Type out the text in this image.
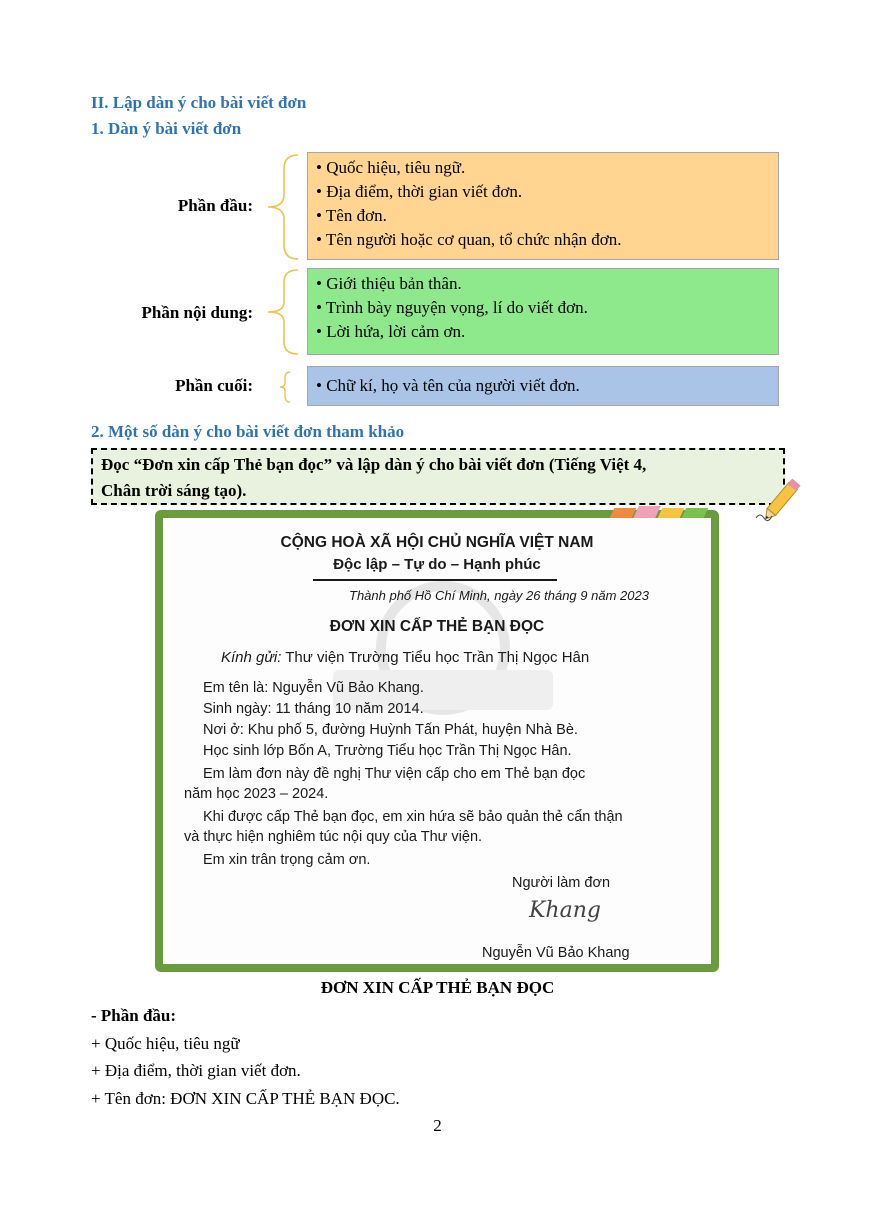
II. Lập dàn ý cho bài viết đơn
1. Dàn ý bài viết đơn
Phần đầu:
• Quốc hiệu, tiêu ngữ.
• Địa điểm, thời gian viết đơn.
• Tên đơn.
• Tên người hoặc cơ quan, tổ chức nhận đơn.
Phần nội dung:
• Giới thiệu bản thân.
• Trình bày nguyện vọng, lí do viết đơn.
• Lời hứa, lời cảm ơn.
Phần cuối:	• Chữ kí, họ và tên của người viết đơn.
2. Một số dàn ý cho bài viết đơn tham khảo
Đọc “Đơn xin cấp Thẻ bạn đọc” và lập dàn ý cho bài viết đơn (Tiếng Việt 4,
Chân trời sáng tạo).
CỘNG HOÀ XÃ HỘI CHỦ NGHĨA VIỆT NAM
Độc lập – Tự do – Hạnh phúc
Thành phố Hồ Chí Minh, ngày 26 tháng 9 năm 2023
ĐƠN XIN CẤP THẺ BẠN ĐỌC
Kính gửi: Thư viện Trường Tiểu học Trần Thị Ngọc Hân
Em tên là: Nguyễn Vũ Bảo Khang.
Sinh ngày: 11 tháng 10 năm 2014.
Nơi ở: Khu phố 5, đường Huỳnh Tấn Phát, huyện Nhà Bè.
Học sinh lớp Bốn A, Trường Tiểu học Trần Thị Ngọc Hân.
Em làm đơn này đề nghị Thư viện cấp cho em Thẻ bạn đọc
năm học 2023 – 2024.
Khi được cấp Thẻ bạn đọc, em xin hứa sẽ bảo quản thẻ cẩn thận
và thực hiện nghiêm túc nội quy của Thư viện.
Em xin trân trọng cảm ơn.
Người làm đơn
Khang
Nguyễn Vũ Bảo Khang
ĐƠN XIN CẤP THẺ BẠN ĐỌC
- Phần đầu:
+ Quốc hiệu, tiêu ngữ
+ Địa điểm, thời gian viết đơn.
+ Tên đơn: ĐƠN XIN CẤP THẺ BẠN ĐỌC.
2
